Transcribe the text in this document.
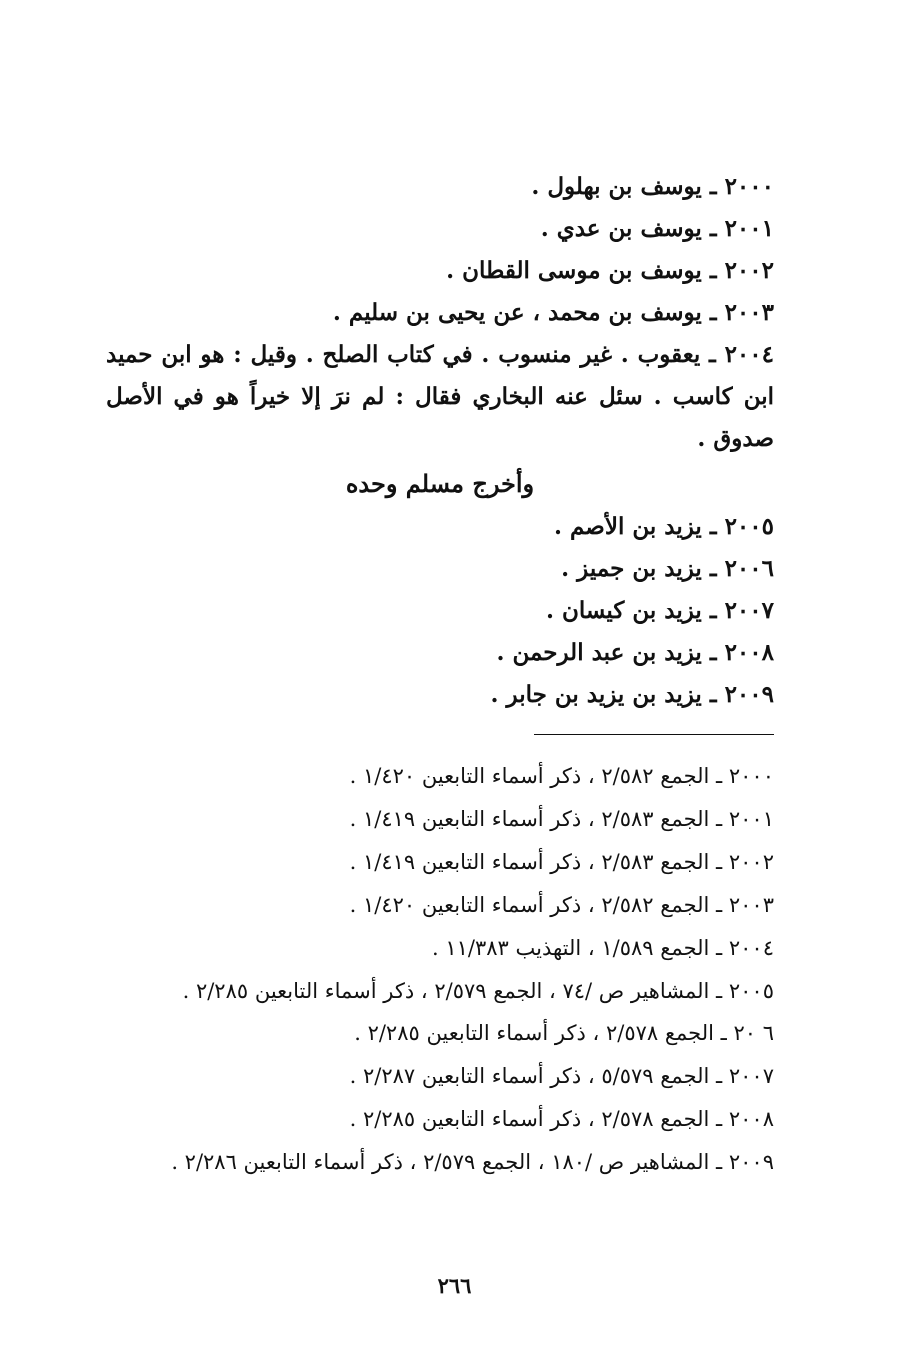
٢٠٠٠ ـ يوسف بن بهلول .

٢٠٠١ ـ يوسف بن عدي .

٢٠٠٢ ـ يوسف بن موسى القطان .

٢٠٠٣ ـ يوسف بن محمد ، عن يحيى بن سليم .

٢٠٠٤ ـ يعقوب . غير منسوب . في كتاب الصلح . وقيل : هو ابن حميد ابن كاسب . سئل عنه البخاري فقال : لم نرَ إلا خيراً هو في الأصل صدوق .

وأخرج مسلم وحده

٢٠٠٥ ـ يزيد بن الأصم .

٢٠٠٦ ـ يزيد بن جميز .

٢٠٠٧ ـ يزيد بن كيسان .

٢٠٠٨ ـ يزيد بن عبد الرحمن .

٢٠٠٩ ـ يزيد بن يزيد بن جابر .

٢٠٠٠ ـ الجمع ٢/٥٨٢ ، ذكر أسماء التابعين ١/٤٢٠ .

٢٠٠١ ـ الجمع ٢/٥٨٣ ، ذكر أسماء التابعين ١/٤١٩ .

٢٠٠٢ ـ الجمع ٢/٥٨٣ ، ذكر أسماء التابعين ١/٤١٩ .

٢٠٠٣ ـ الجمع ٢/٥٨٢ ، ذكر أسماء التابعين ١/٤٢٠ .

٢٠٠٤ ـ الجمع ١/٥٨٩ ، التهذيب ١١/٣٨٣ .

٢٠٠٥ ـ المشاهير ص /٧٤ ، الجمع ٢/٥٧٩ ، ذكر أسماء التابعين ٢/٢٨٥ .

٦ ٢٠ ـ الجمع ٢/٥٧٨ ، ذكر أسماء التابعين ٢/٢٨٥ .

٢٠٠٧ ـ الجمع ٥/٥٧٩ ، ذكر أسماء التابعين ٢/٢٨٧ .

٢٠٠٨ ـ الجمع ٢/٥٧٨ ، ذكر أسماء التابعين ٢/٢٨٥ .

٢٠٠٩ ـ المشاهير ص /١٨٠ ، الجمع ٢/٥٧٩ ، ذكر أسماء التابعين ٢/٢٨٦ .

٢٦٦
